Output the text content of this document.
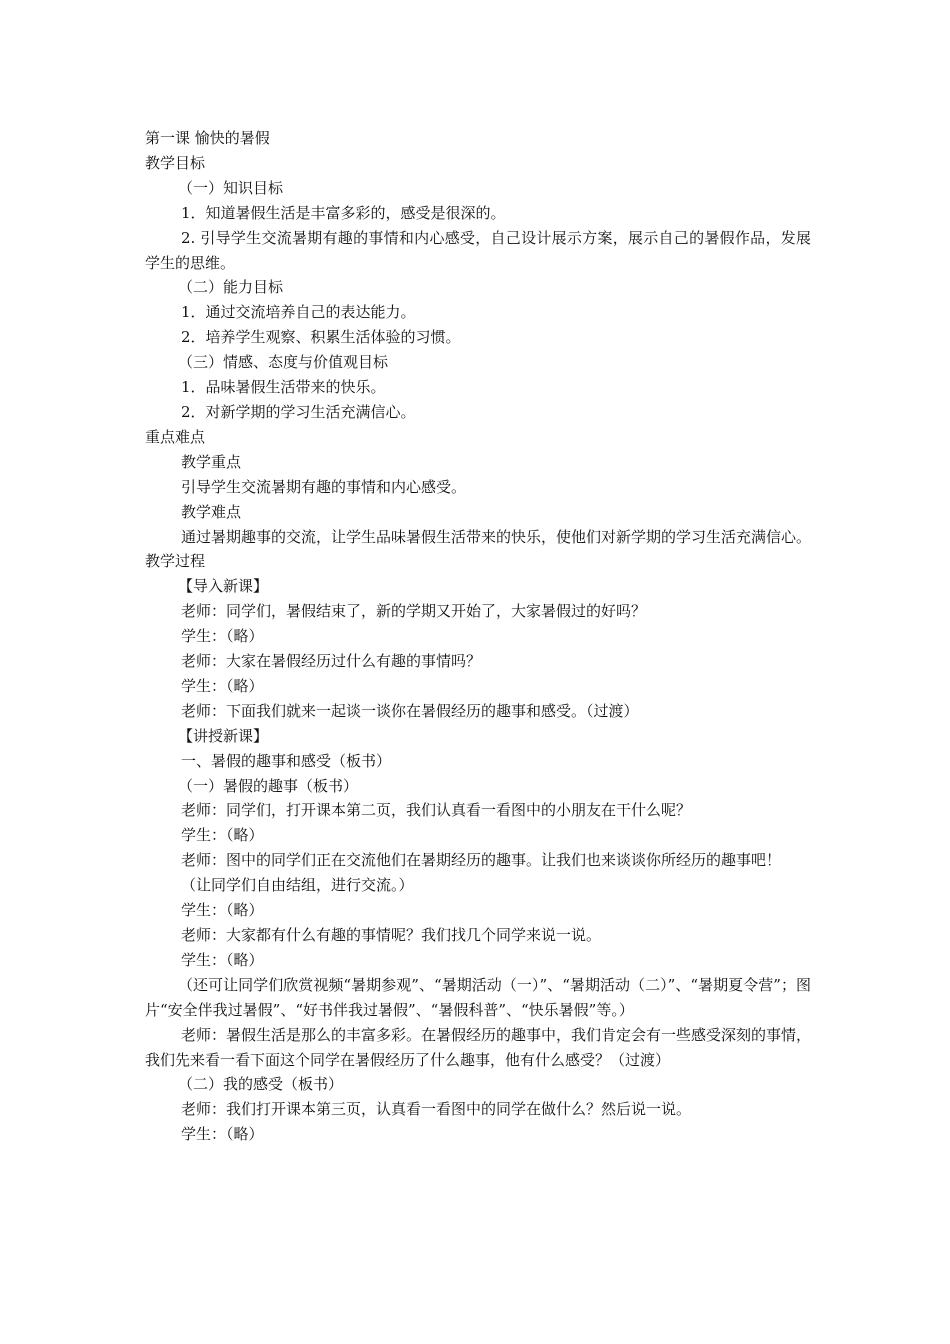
第一课 愉快的暑假

教学目标

（一）知识目标

1．知道暑假生活是丰富多彩的，感受是很深的。

2. 引导学生交流暑期有趣的事情和内心感受，自己设计展示方案，展示自己的暑假作品，发展学生的思维。

（二）能力目标

1．通过交流培养自己的表达能力。

2．培养学生观察、积累生活体验的习惯。

（三）情感、态度与价值观目标

1．品味暑假生活带来的快乐。

2．对新学期的学习生活充满信心。

重点难点

教学重点

引导学生交流暑期有趣的事情和内心感受。

教学难点

通过暑期趣事的交流，让学生品味暑假生活带来的快乐，使他们对新学期的学习生活充满信心。

教学过程

【导入新课】

老师：同学们，暑假结束了，新的学期又开始了，大家暑假过的好吗？

学生：（略）

老师：大家在暑假经历过什么有趣的事情吗？

学生：（略）

老师：下面我们就来一起谈一谈你在暑假经历的趣事和感受。（过渡）

【讲授新课】

一、暑假的趣事和感受（板书）

（一）暑假的趣事（板书）

老师：同学们，打开课本第二页，我们认真看一看图中的小朋友在干什么呢？

学生：（略）

老师：图中的同学们正在交流他们在暑期经历的趣事。让我们也来谈谈你所经历的趣事吧！

（让同学们自由结组，进行交流。）

学生：（略）

老师：大家都有什么有趣的事情呢？我们找几个同学来说一说。

学生：（略）

（还可让同学们欣赏视频“暑期参观”、“暑期活动（一）”、“暑期活动（二）”、“暑期夏令营”；图片“安全伴我过暑假”、“好书伴我过暑假”、“暑假科普”、“快乐暑假”等。）

老师：暑假生活是那么的丰富多彩。在暑假经历的趣事中，我们肯定会有一些感受深刻的事情，我们先来看一看下面这个同学在暑假经历了什么趣事，他有什么感受？（过渡）

（二）我的感受（板书）

老师：我们打开课本第三页，认真看一看图中的同学在做什么？然后说一说。

学生：（略）
